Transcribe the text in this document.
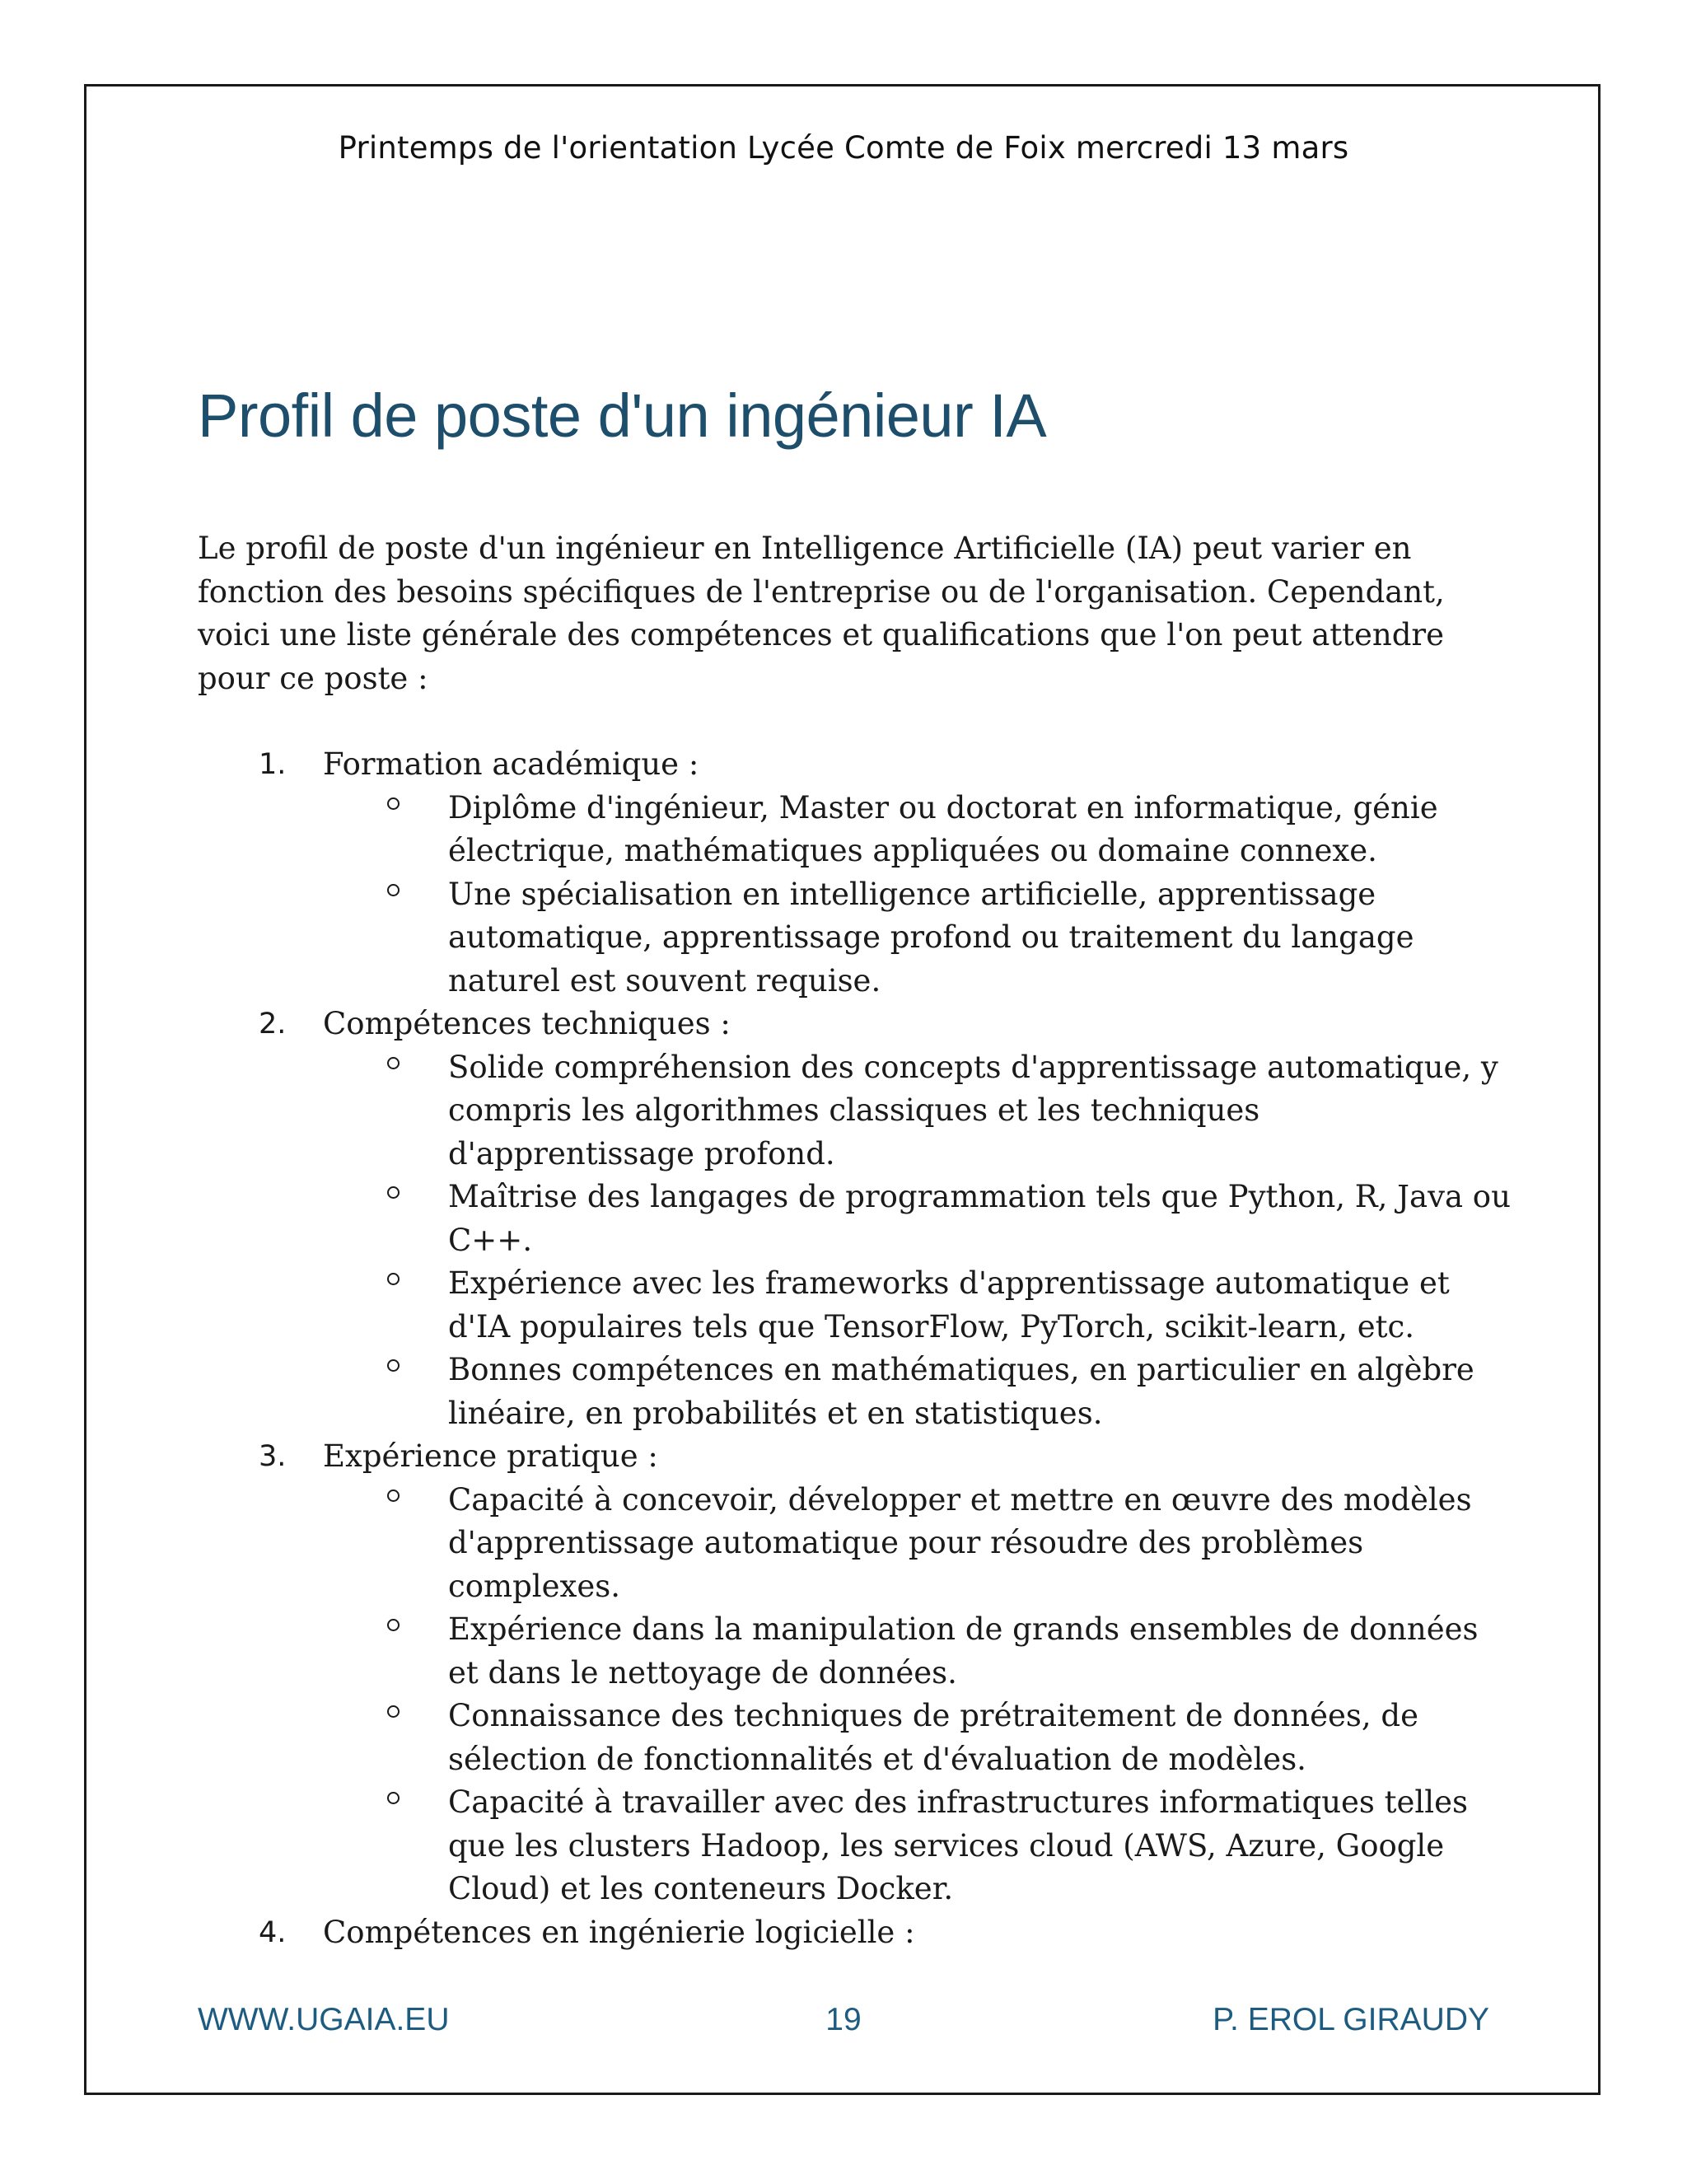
Printemps de l'orientation Lycée Comte de Foix mercredi 13 mars
Profil de poste d'un ingénieur IA

Le profil de poste d'un ingénieur en Intelligence Artificielle (IA) peut varier en fonction des besoins spécifiques de l'entreprise ou de l'organisation. Cependant, voici une liste générale des compétences et qualifications que l'on peut attendre pour ce poste :

1. Formation académique :
Diplôme d'ingénieur, Master ou doctorat en informatique, génie électrique, mathématiques appliquées ou domaine connexe.
Une spécialisation en intelligence artificielle, apprentissage automatique, apprentissage profond ou traitement du langage naturel est souvent requise.
2. Compétences techniques :
Solide compréhension des concepts d'apprentissage automatique, y compris les algorithmes classiques et les techniques d'apprentissage profond.
Maîtrise des langages de programmation tels que Python, R, Java ou C++.
Expérience avec les frameworks d'apprentissage automatique et d'IA populaires tels que TensorFlow, PyTorch, scikit-learn, etc.
Bonnes compétences en mathématiques, en particulier en algèbre linéaire, en probabilités et en statistiques.
3. Expérience pratique :
Capacité à concevoir, développer et mettre en œuvre des modèles d'apprentissage automatique pour résoudre des problèmes complexes.
Expérience dans la manipulation de grands ensembles de données et dans le nettoyage de données.
Connaissance des techniques de prétraitement de données, de sélection de fonctionnalités et d'évaluation de modèles.
Capacité à travailler avec des infrastructures informatiques telles que les clusters Hadoop, les services cloud (AWS, Azure, Google Cloud) et les conteneurs Docker.
4. Compétences en ingénierie logicielle :
WWW.UGAIA.EU	19	P. EROL GIRAUDY
